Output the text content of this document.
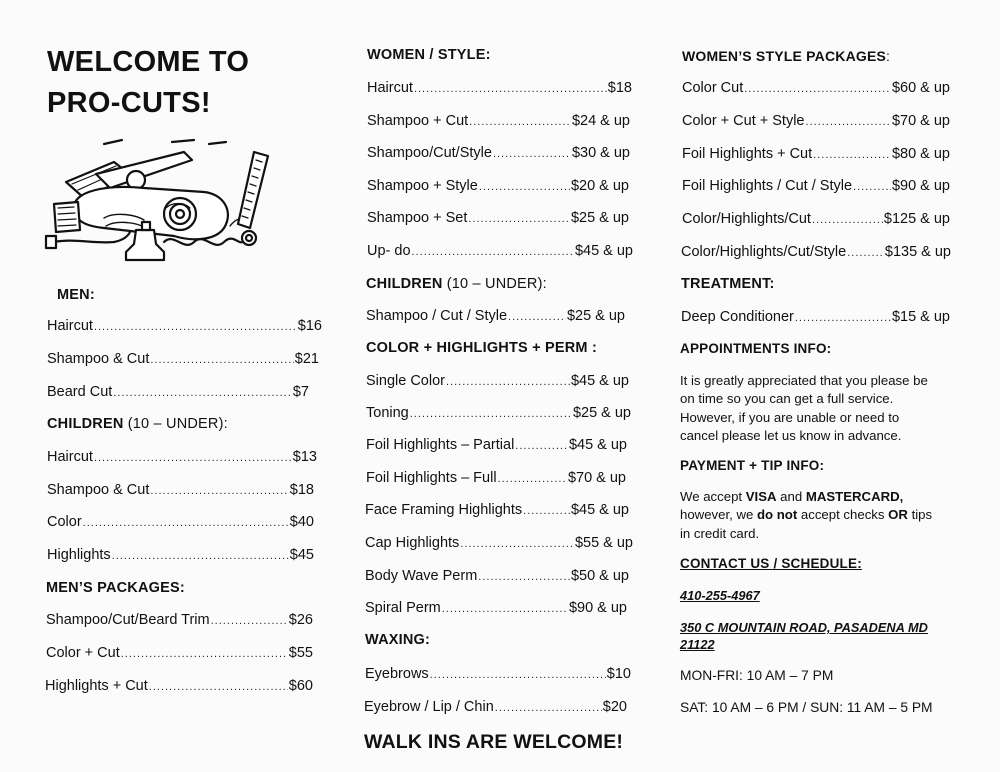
WELCOME TO
PRO-CUTS!
MEN:
Haircut .....	$16
Shampoo & Cut .....	$21
Beard Cut .....	$7
CHILDREN (10 – UNDER):
Haircut .....	$13
Shampoo & Cut .....	$18
Color .....	$40
Highlights .....	$45
MEN’S PACKAGES:
Shampoo/Cut/Beard Trim .....	$26
Color + Cut .....	$55
Highlights + Cut .....	$60
WOMEN / STYLE:
Haircut .....	$18
Shampoo + Cut .....	$24 & up
Shampoo/Cut/Style .....	$30 & up
Shampoo + Style .....	$20 & up
Shampoo + Set .....	$25 & up
Up- do .....	$45 & up
CHILDREN (10 – UNDER):
Shampoo / Cut / Style .....	$25 & up
COLOR + HIGHLIGHTS + PERM :
Single Color .....	$45 & up
Toning .....	$25 & up
Foil Highlights – Partial .....	$45 & up
Foil Highlights – Full .....	$70 & up
Face Framing Highlights .....	$45 & up
Cap Highlights .....	$55 & up
Body Wave Perm .....	$50 & up
Spiral Perm .....	$90 & up
WAXING:
Eyebrows .....	$10
Eyebrow / Lip / Chin .....	$20
WALK INS ARE WELCOME!
WOMEN’S STYLE PACKAGES:
Color Cut .....	$60 & up
Color + Cut + Style .....	$70 & up
Foil Highlights + Cut .....	$80 & up
Foil Highlights / Cut / Style .....	$90 & up
Color/Highlights/Cut .....	$125 & up
Color/Highlights/Cut/Style .....	$135 & up
TREATMENT:
Deep Conditioner .....	$15 & up
APPOINTMENTS INFO:
It is greatly appreciated that you please be
on time so you can get a full service.
However, if you are unable or need to
cancel please let us know in advance.
PAYMENT + TIP INFO:
We accept VISA and MASTERCARD,
however, we do not accept checks OR tips
in credit card.
CONTACT US / SCHEDULE:
410-255-4967
350 C MOUNTAIN ROAD, PASADENA MD 21122
MON-FRI: 10 AM – 7 PM
SAT: 10 AM – 6 PM / SUN: 11 AM – 5 PM
